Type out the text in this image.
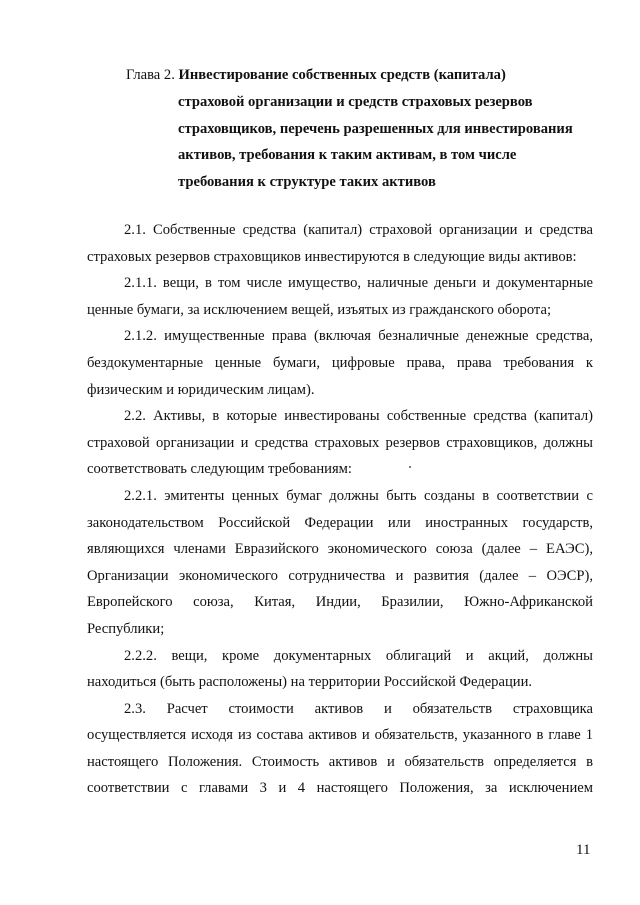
Глава 2. Инвестирование собственных средств (капитала)
страховой организации и средств страховых резервов
страховщиков, перечень разрешенных для инвестирования
активов, требования к таким активам, в том числе
требования к структуре таких активов
2.1. Собственные средства (капитал) страховой организации и средства
страховых резервов страховщиков инвестируются в следующие виды активов:
2.1.1. вещи, в том числе имущество, наличные деньги и документарные
ценные бумаги, за исключением вещей, изъятых из гражданского оборота;
2.1.2. имущественные права (включая безналичные денежные средства,
бездокументарные ценные бумаги, цифровые права, права требования к
физическим и юридическим лицам).
2.2. Активы, в которые инвестированы собственные средства (капитал)
страховой организации и средства страховых резервов страховщиков, должны
соответствовать следующим требованиям:
2.2.1. эмитенты ценных бумаг должны быть созданы в соответствии с
законодательством Российской Федерации или иностранных государств,
являющихся членами Евразийского экономического союза (далее – ЕАЭС),
Организации экономического сотрудничества и развития (далее – ОЭСР),
Европейского союза, Китая, Индии, Бразилии, Южно-Африканской
Республики;
2.2.2. вещи, кроме документарных облигаций и акций, должны
находиться (быть расположены) на территории Российской Федерации.
2.3. Расчет стоимости активов и обязательств страховщика
осуществляется исходя из состава активов и обязательств, указанного в главе 1
настоящего Положения. Стоимость активов и обязательств определяется в
соответствии с главами 3 и 4 настоящего Положения, за исключением
11
